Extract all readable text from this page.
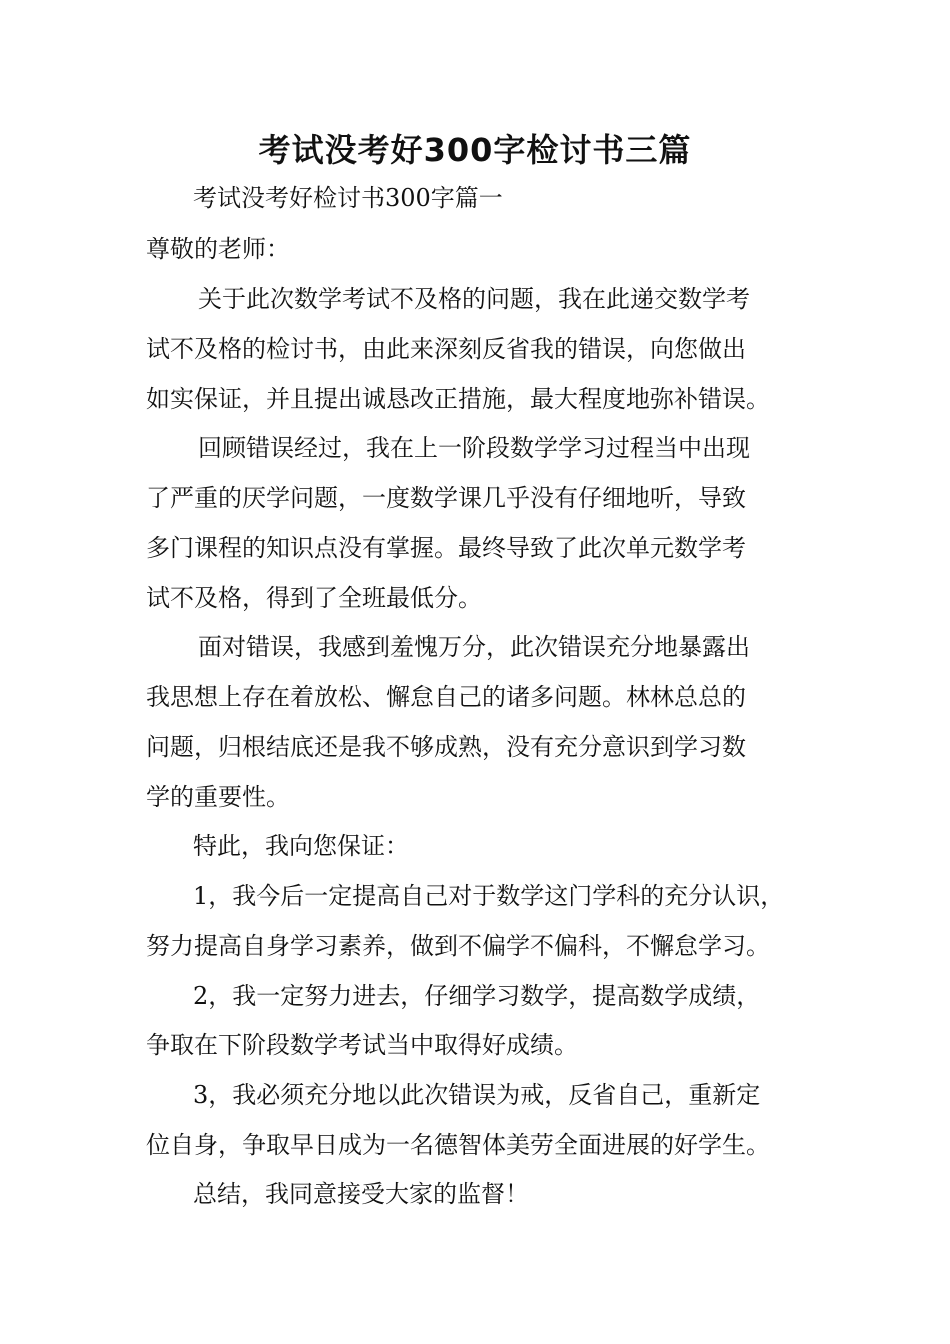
考试没考好300字检讨书三篇
考试没考好检讨书300字篇一
尊敬的老师：
关于此次数学考试不及格的问题，我在此递交数学考
试不及格的检讨书，由此来深刻反省我的错误，向您做出
如实保证，并且提出诚恳改正措施，最大程度地弥补错误。
回顾错误经过，我在上一阶段数学学习过程当中出现
了严重的厌学问题，一度数学课几乎没有仔细地听，导致
多门课程的知识点没有掌握。最终导致了此次单元数学考
试不及格，得到了全班最低分。
面对错误，我感到羞愧万分，此次错误充分地暴露出
我思想上存在着放松、懈怠自己的诸多问题。林林总总的
问题，归根结底还是我不够成熟，没有充分意识到学习数
学的重要性。
特此，我向您保证：
1，我今后一定提高自己对于数学这门学科的充分认识，
努力提高自身学习素养，做到不偏学不偏科，不懈怠学习。
2，我一定努力进去，仔细学习数学，提高数学成绩，
争取在下阶段数学考试当中取得好成绩。
3，我必须充分地以此次错误为戒，反省自己，重新定
位自身，争取早日成为一名德智体美劳全面进展的好学生。
总结，我同意接受大家的监督！
